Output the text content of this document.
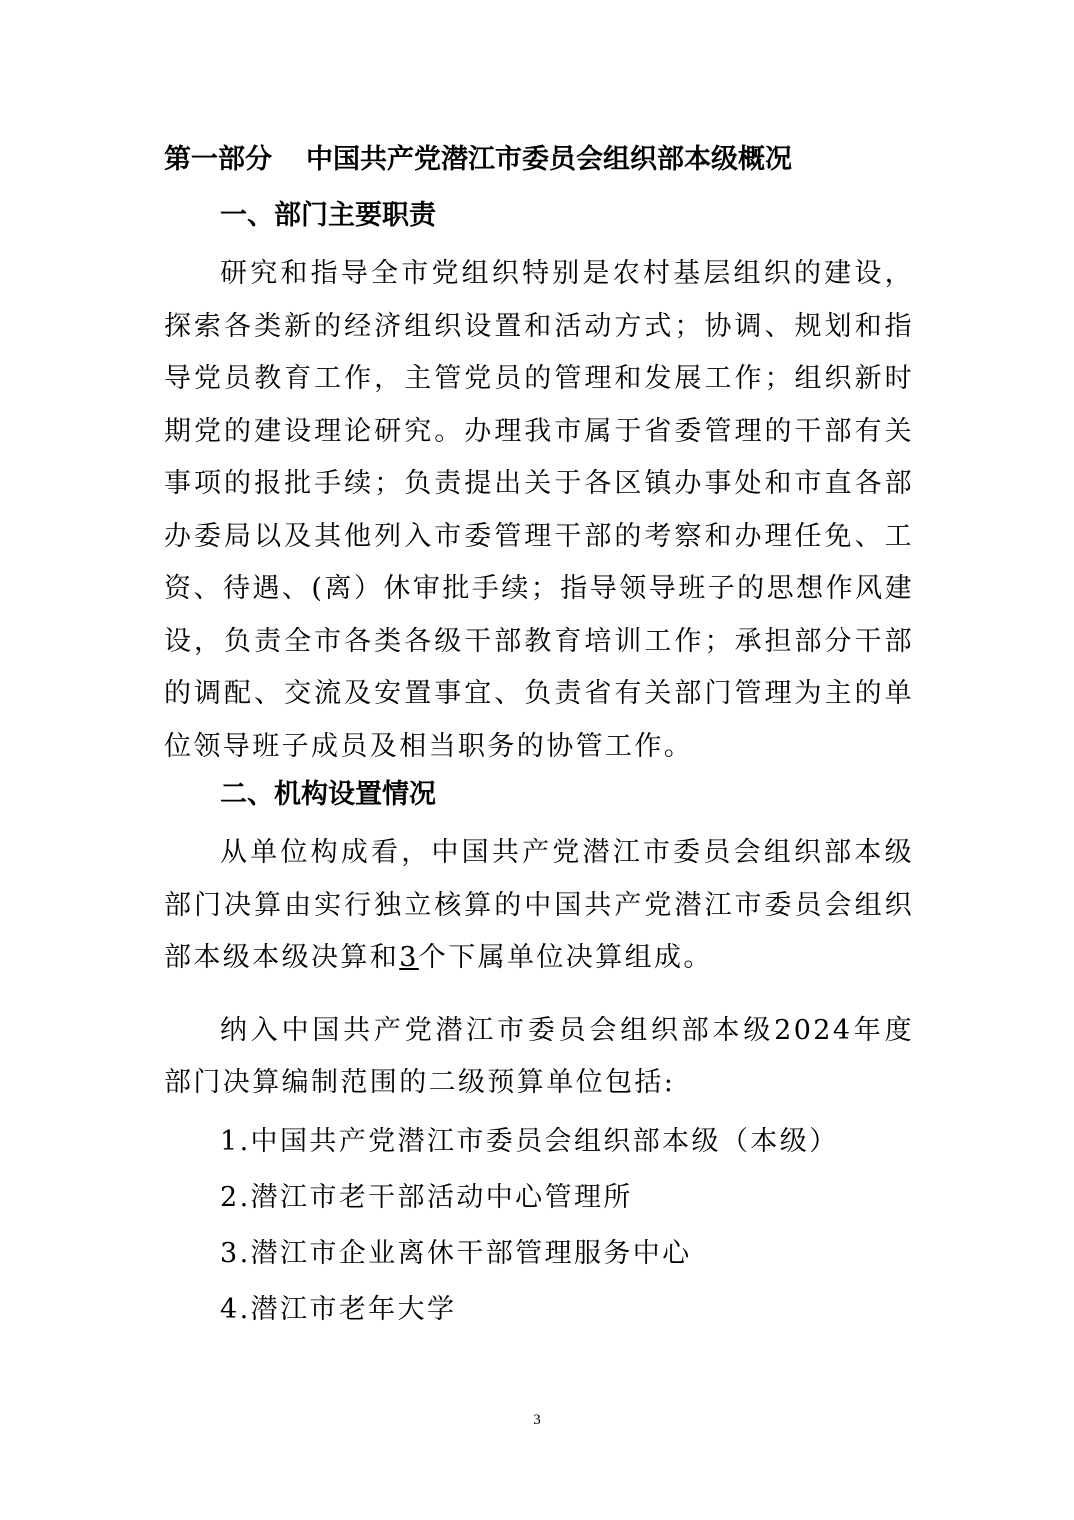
第一部分 中国共产党潜江市委员会组织部本级概况
一、部门主要职责

研究和指导全市党组织特别是农村基层组织的建设，探索各类新的经济组织设置和活动方式；协调、规划和指导党员教育工作，主管党员的管理和发展工作；组织新时期党的建设理论研究。办理我市属于省委管理的干部有关事项的报批手续；负责提出关于各区镇办事处和市直各部办委局以及其他列入市委管理干部的考察和办理任免、工资、待遇、(离）休审批手续；指导领导班子的思想作风建设，负责全市各类各级干部教育培训工作；承担部分干部的调配、交流及安置事宜、负责省有关部门管理为主的单位领导班子成员及相当职务的协管工作。

二、机构设置情况

从单位构成看，中国共产党潜江市委员会组织部本级部门决算由实行独立核算的中国共产党潜江市委员会组织部本级本级决算和3个下属单位决算组成。

纳入中国共产党潜江市委员会组织部本级2024年度部门决算编制范围的二级预算单位包括:

1.中国共产党潜江市委员会组织部本级（本级）
2.潜江市老干部活动中心管理所
3.潜江市企业离休干部管理服务中心
4.潜江市老年大学
3
